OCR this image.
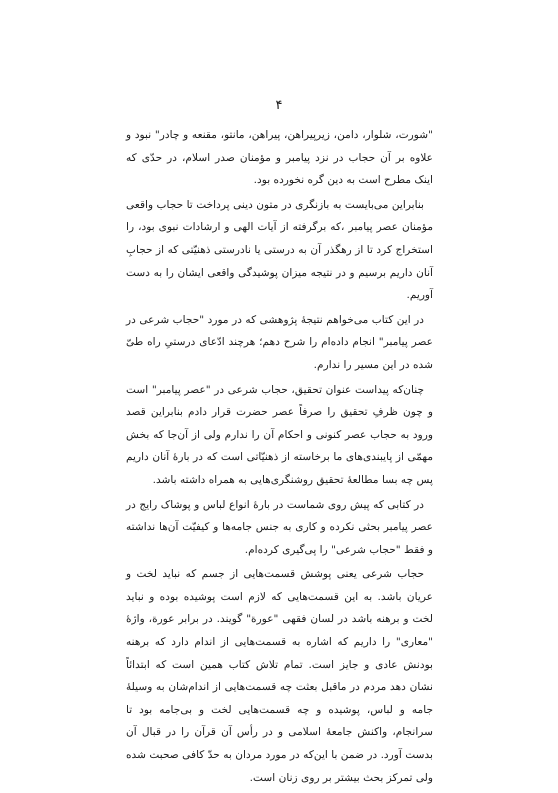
۴

"شورت، شلوار، دامن، زیرپیراهن، پیراهن، مانتو، مقنعه و چادر" نبود و علاوه بر آن حجاب در نزد پیامبر و مؤمنان صدر اسلام، در حدّی که اینک مطرح است به دین گره نخورده بود.

بنابراین می‌بایست به بازنگری در متون دینی پرداخت تا حجاب واقعی مؤمنان عصر پیامبر ،که برگرفته از آیات الهی و ارشادات نبوی بود، را استخراج کرد تا از رهگذر آن به درستی یا نادرستی ذهنیّتی که از حجابِ آنان داریم برسیم و در نتیجه میزان پوشیدگی واقعی ایشان را به دست آوریم.

در این کتاب می‌خواهم نتیجهٔ پژوهشی که در مورد "حجاب شرعی در عصر پیامبر" انجام داده‌ام را شرح دهم؛ هرچند ادّعای درستیِ راه طیّ شده در این مسیر را ندارم.

چنان‌که پیداست عنوان تحقیق، حجاب شرعی در "عصر پیامبر" است و چون ظرفِ تحقیق را صرفاً عصر حضرت قرار دادم بنابراین قصد ورود به حجاب عصر کنونی و احکام آن را ندارم ولی از آن‌جا که بخش مهمّی از پایبندی‌های ما برخاسته از ذهنیّاتی است که در بارهٔ آنان داریم پس چه بسا مطالعهٔ تحقیق روشنگری‌هایی به همراه داشته باشد.

در کتابی که پیش روی شماست در بارهٔ انواع لباس و پوشاک رایج در عصر پیامبر بحثی نکرده و کاری به جنس جامه‌ها و کیفیّت آن‌ها نداشته و فقط "حجاب شرعی" را پی‌گیری کرده‌ام.

حجاب شرعی یعنی پوشش قسمت‌هایی از جسم که نباید لخت و عریان باشد. به این قسمت‌هایی که لازم است پوشیده بوده و نباید لخت و برهنه باشد در لسان فقهی "عورة" گویند. در برابر عورة، واژهٔ "معاری" را داریم که اشاره به قسمت‌هایی از اندام دارد که برهنه بودنش عادی و جایز است. تمام تلاش کتاب همین است که ابتدائاً نشان دهد مردم در ماقبل بعثت چه قسمت‌هایی از اندام‌شان به وسیلهٔ جامه و لباس، پوشیده و چه قسمت‌هایی لخت و بی‌جامه بود تا سرانجام، واکنش جامعهٔ اسلامی و در رأس آن قرآن را در قبال آن بدست آورد. در ضمن با این‌که در مورد مردان به حدّ کافی صحبت شده ولی تمرکز بحث بیشتر بر روی زنان است.
